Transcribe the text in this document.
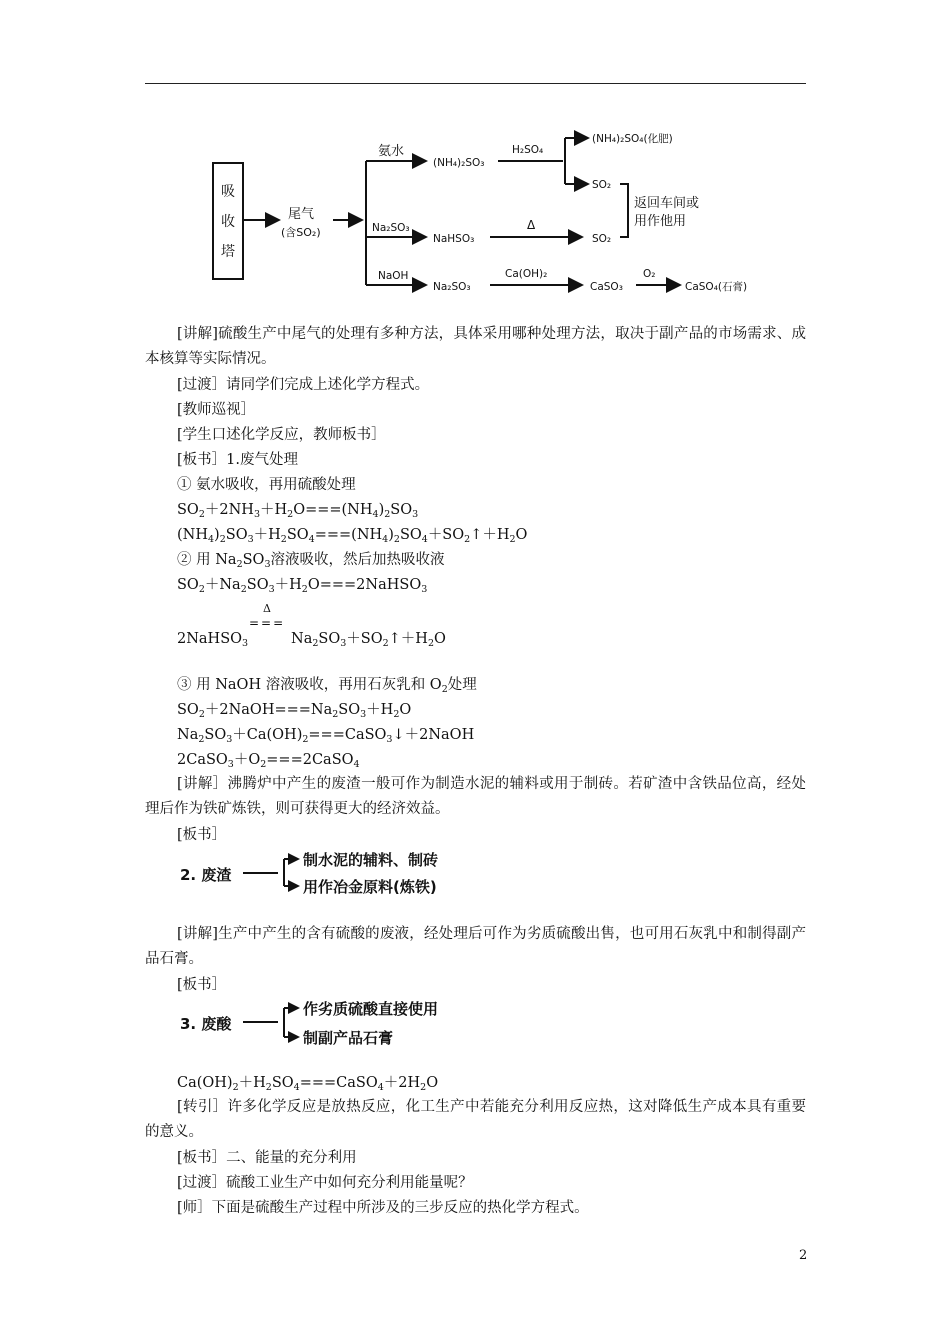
吸
收
塔
尾气
(含SO₂)
氨水
(NH₄)₂SO₃
H₂SO₄
(NH₄)₂SO₄(化肥)
SO₂
Na₂SO₃
NaHSO₃
Δ
SO₂
返回车间或
用作他用
NaOH
Na₂SO₃
Ca(OH)₂
CaSO₃
O₂
CaSO₄(石膏)
[讲解]硫酸生产中尾气的处理有多种方法，具体采用哪种处理方法，取决于副产品的市场需求、成本核算等实际情况。
[过渡］请同学们完成上述化学方程式。
[教师巡视］
[学生口述化学反应，教师板书］
[板书］1.废气处理
① 氨水吸收，再用硫酸处理
$SO_2+2NH_3+H_2O===(NH_4)_2SO_3$
$(NH_4)_2SO_3+H_2SO_4===(NH_4)_2SO_4+SO_2↑+H_2O$
② 用 $Na_2SO_3$溶液吸收，然后加热吸收液
$SO_2+Na_2SO_3+H_2O===2NaHSO_3$
Δ
===
2NaHSO$_3$	$Na_2SO_3+SO_2↑+H_2O$
③ 用 NaOH 溶液吸收，再用石灰乳和 $O_2$处理
$SO_2+2NaOH===Na_2SO_3+H_2O$
$Na_2SO_3+Ca(OH)_2===CaSO_3↓+2NaOH$
$2CaSO_3+O_2===2CaSO_4$
[讲解］沸腾炉中产生的废渣一般可作为制造水泥的辅料或用于制砖。若矿渣中含铁品位高，经处理后作为铁矿炼铁，则可获得更大的经济效益。
[板书］
2. 废渣
制水泥的辅料、制砖
用作冶金原料(炼铁)
3. 废酸
作劣质硫酸直接使用
制副产品石膏
[讲解]生产中产生的含有硫酸的废液，经处理后可作为劣质硫酸出售，也可用石灰乳中和制得副产品石膏。
[板书］
$Ca(OH)_2+H_2SO_4===CaSO_4+2H_2O$
[转引］许多化学反应是放热反应，化工生产中若能充分利用反应热，这对降低生产成本具有重要的意义。
[板书］二、能量的充分利用
[过渡］硫酸工业生产中如何充分利用能量呢？
[师］下面是硫酸生产过程中所涉及的三步反应的热化学方程式。
2
